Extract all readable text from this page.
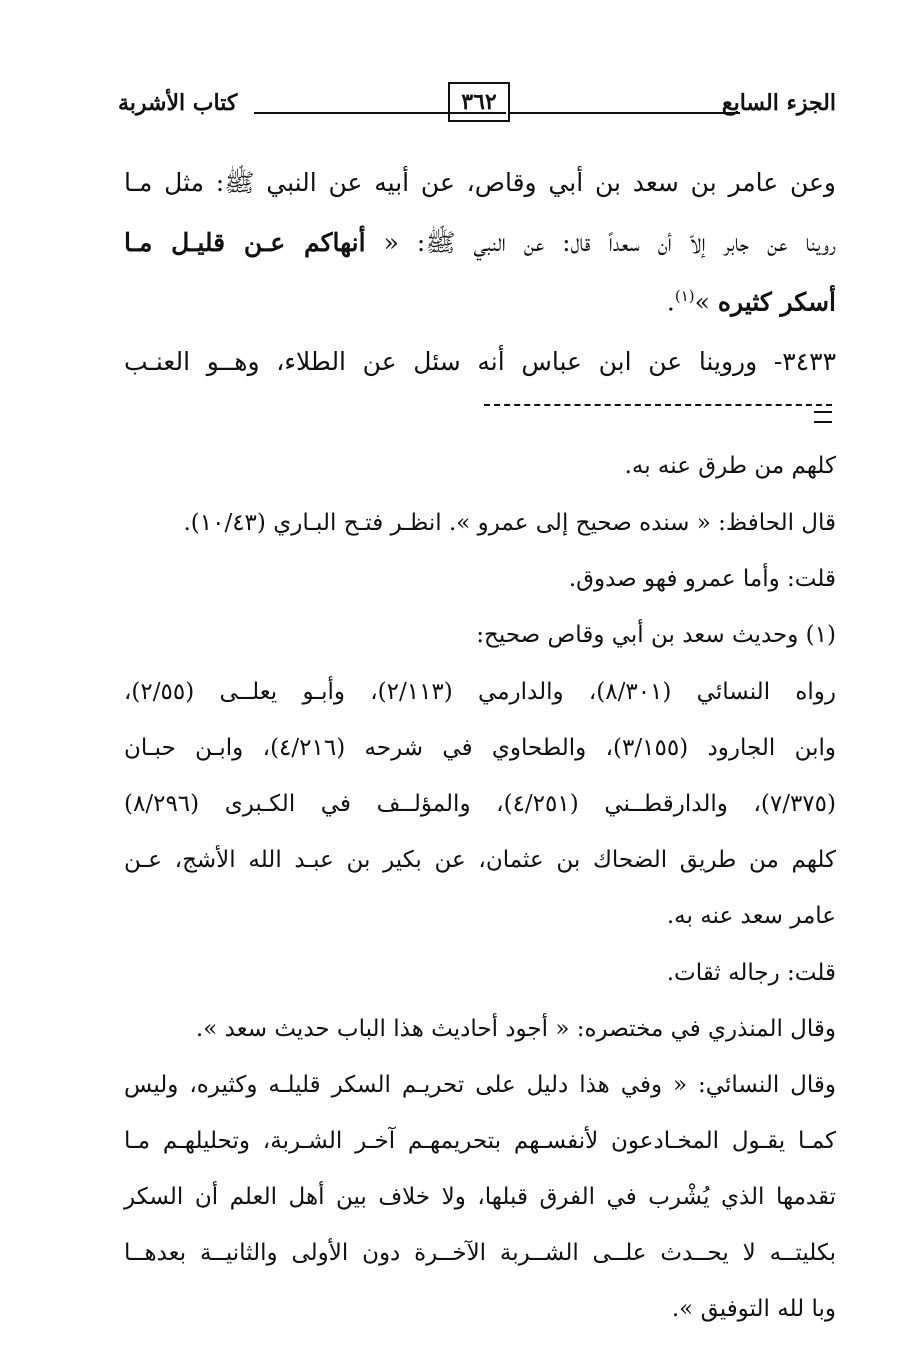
الجزء السابع
٣٦٢
كتاب الأشربة
وعن عامر بن سعد بن أبي وقاص، عن أبيه عن النبي ﷺ: مثل مـا
روينا عن جابر إلاّ أن سعداً قال: عن النبي ﷺ: « أنهاكم عـن قليـل مـا
أسكر كثيره »$^{(١)}$.
٣٤٣٣- وروينا عن ابن عباس أنه سئل عن الطلاء، وهــو العنـب
كلهم من طرق عنه به.
قال الحافظ: « سنده صحيح إلى عمرو ». انظـر فتـح البـاري (١٠/٤٣).
قلت: وأما عمرو فهو صدوق.
(١) وحديث سعد بن أبي وقاص صحيح:
رواه النسائي (٨/٣٠١)، والدارمي (٢/١١٣)، وأبـو يعلــى (٢/٥٥)،
وابن الجارود (٣/١٥٥)، والطحاوي في شرحه (٤/٢١٦)، وابـن حبـان
(٧/٣٧٥)، والدارقطــني (٤/٢٥١)، والمؤلــف في الكـبرى (٨/٢٩٦)
كلهم من طريق الضحاك بن عثمان، عن بكير بن عبـد الله الأشج، عـن
عامر سعد عنه به.
قلت: رجاله ثقات.
وقال المنذري في مختصره: « أجود أحاديث هذا الباب حديث سعد ».
وقال النسائي: « وفي هذا دليل على تحريـم السكر قليلـه وكثيره، وليس
كمـا يقـول المخـادعون لأنفسـهم بتحريمهـم آخـر الشـربة، وتحليلهـم مـا
تقدمها الذي يُشْرب في الفرق قبلها، ولا خلاف بين أهل العلم أن السكر
بكليتــه لا يحــدث علــى الشــربة الآخــرة دون الأولى والثانيــة بعدهــا
وبا لله التوفيق ».
